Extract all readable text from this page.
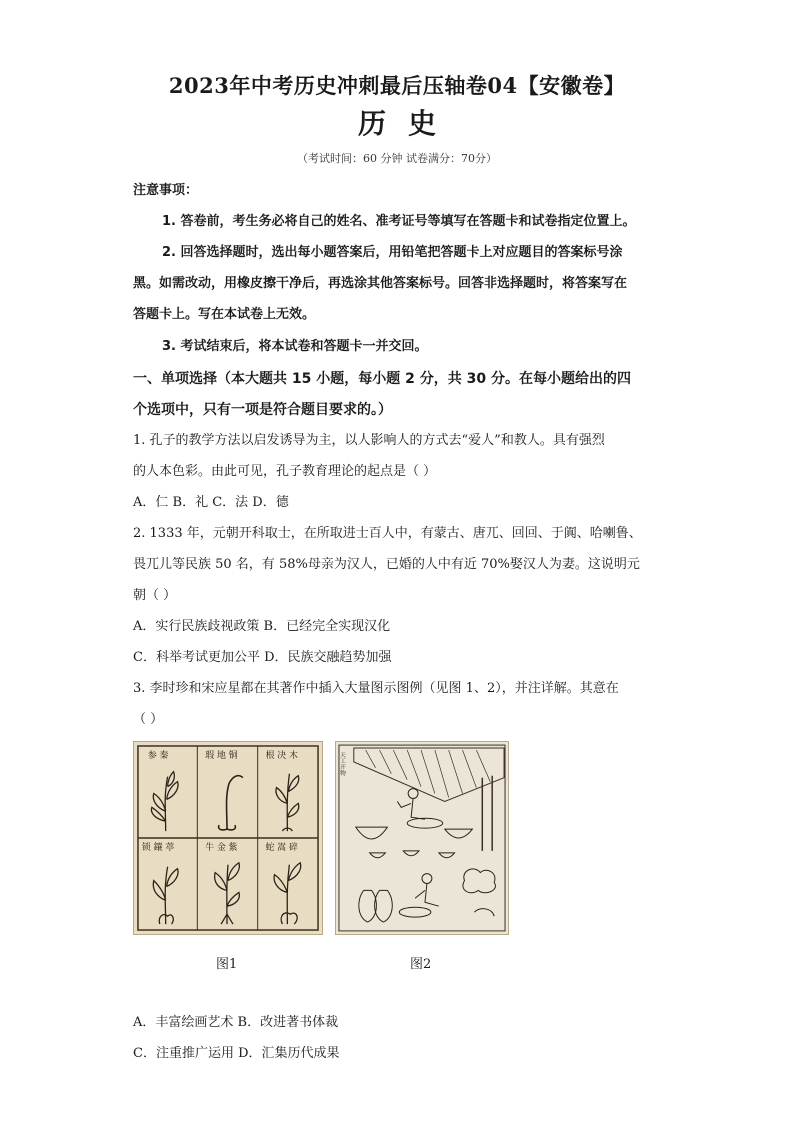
2023年中考历史冲刺最后压轴卷04【安徽卷】
历史
（考试时间：60 分钟 试卷满分：70分）
注意事项：
1. 答卷前，考生务必将自己的姓名、准考证号等填写在答题卡和试卷指定位置上。
2. 回答选择题时，选出每小题答案后，用铅笔把答题卡上对应题目的答案标号涂
黑。如需改动，用橡皮擦干净后，再选涂其他答案标号。回答非选择题时，将答案写在
答题卡上。写在本试卷上无效。
3. 考试结束后，将本试卷和答题卡一并交回。
一、单项选择（本大题共 15 小题，每小题 2 分，共 30 分。在每小题给出的四
个选项中，只有一项是符合题目要求的。）
1. 孔子的教学方法以启发诱导为主，以人影响人的方式去“爱人”和教人。具有强烈
的人本色彩。由此可见，孔子教育理论的起点是（ ）
A．仁 B．礼 C．法 D．德
2. 1333 年，元朝开科取士，在所取进士百人中，有蒙古、唐兀、回回、于阗、哈喇鲁、
畏兀儿等民族 50 名，有 58%母亲为汉人，已婚的人中有近 70%娶汉人为妻。这说明元
朝（ ）
A．实行民族歧视政策 B．已经完全实现汉化
C．科举考试更加公平 D．民族交融趋势加强
3. 李时珍和宋应星都在其著作中插入大量图示图例（见图 1、2），并注详解。其意在
（ ）
参 秦	瑕 地 铜	根 决 木
锁 鑲 葶	牛 金 紫	蛇 嵩 碎
天工开物
图1	图2
A．丰富绘画艺术 B．改进著书体裁
C．注重推广运用 D．汇集历代成果
